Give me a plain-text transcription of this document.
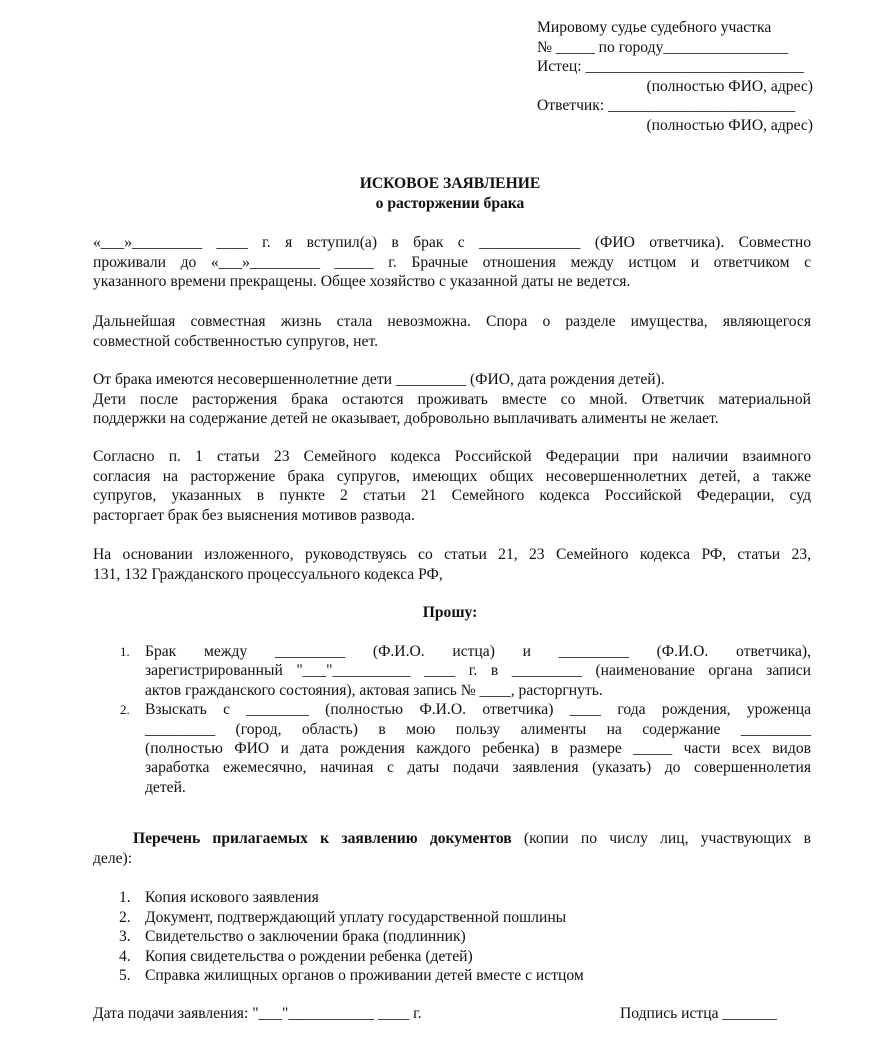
Мировому судье судебного участка
№ _____ по городу________________
Истец: ____________________________
(полностью ФИО, адрес)
Ответчик: ________________________
(полностью ФИО, адрес)
ИСКОВОЕ ЗАЯВЛЕНИЕ
о расторжении брака
«___»_________ ____ г. я вступил(а) в брак с _____________ (ФИО ответчика). Совместно
проживали до «___»_________ _____ г. Брачные отношения между истцом и ответчиком с
указанного времени прекращены. Общее хозяйство с указанной даты не ведется.
Дальнейшая совместная жизнь стала невозможна. Спора о разделе имущества, являющегося
совместной собственностью супругов, нет.
От брака имеются несовершеннолетние дети _________ (ФИО, дата рождения детей).
Дети после расторжения брака остаются проживать вместе со мной. Ответчик материальной
поддержки на содержание детей не оказывает, добровольно выплачивать алименты не желает.
Согласно п. 1 статьи 23 Семейного кодекса Российской Федерации при наличии взаимного
согласия на расторжение брака супругов, имеющих общих несовершеннолетних детей, а также
супругов, указанных в пункте 2 статьи 21 Семейного кодекса Российской Федерации, суд
расторгает брак без выяснения мотивов развода.
На основании изложенного, руководствуясь со статьи 21, 23 Семейного кодекса РФ, статьи 23,
131, 132 Гражданского процессуального кодекса РФ,
Прошу:
1. Брак между _________ (Ф.И.О. истца) и _________ (Ф.И.О. ответчика),
зарегистрированный "___"__________ ____ г. в _________ (наименование органа записи
актов гражданского состояния), актовая запись № ____, расторгнуть.
2. Взыскать с ________ (полностью Ф.И.О. ответчика) ____ года рождения, уроженца
_________ (город, область) в мою пользу алименты на содержание _________
(полностью ФИО и дата рождения каждого ребенка) в размере _____ части всех видов
заработка ежемесячно, начиная с даты подачи заявления (указать) до совершеннолетия
детей.
Перечень прилагаемых к заявлению документов (копии по числу лиц, участвующих в
деле):
1. Копия искового заявления
2. Документ, подтверждающий уплату государственной пошлины
3. Свидетельство о заключении брака (подлинник)
4. Копия свидетельства о рождении ребенка (детей)
5. Справка жилищных органов о проживании детей вместе с истцом
Дата подачи заявления: "___"___________ ____ г.	Подпись истца _______
